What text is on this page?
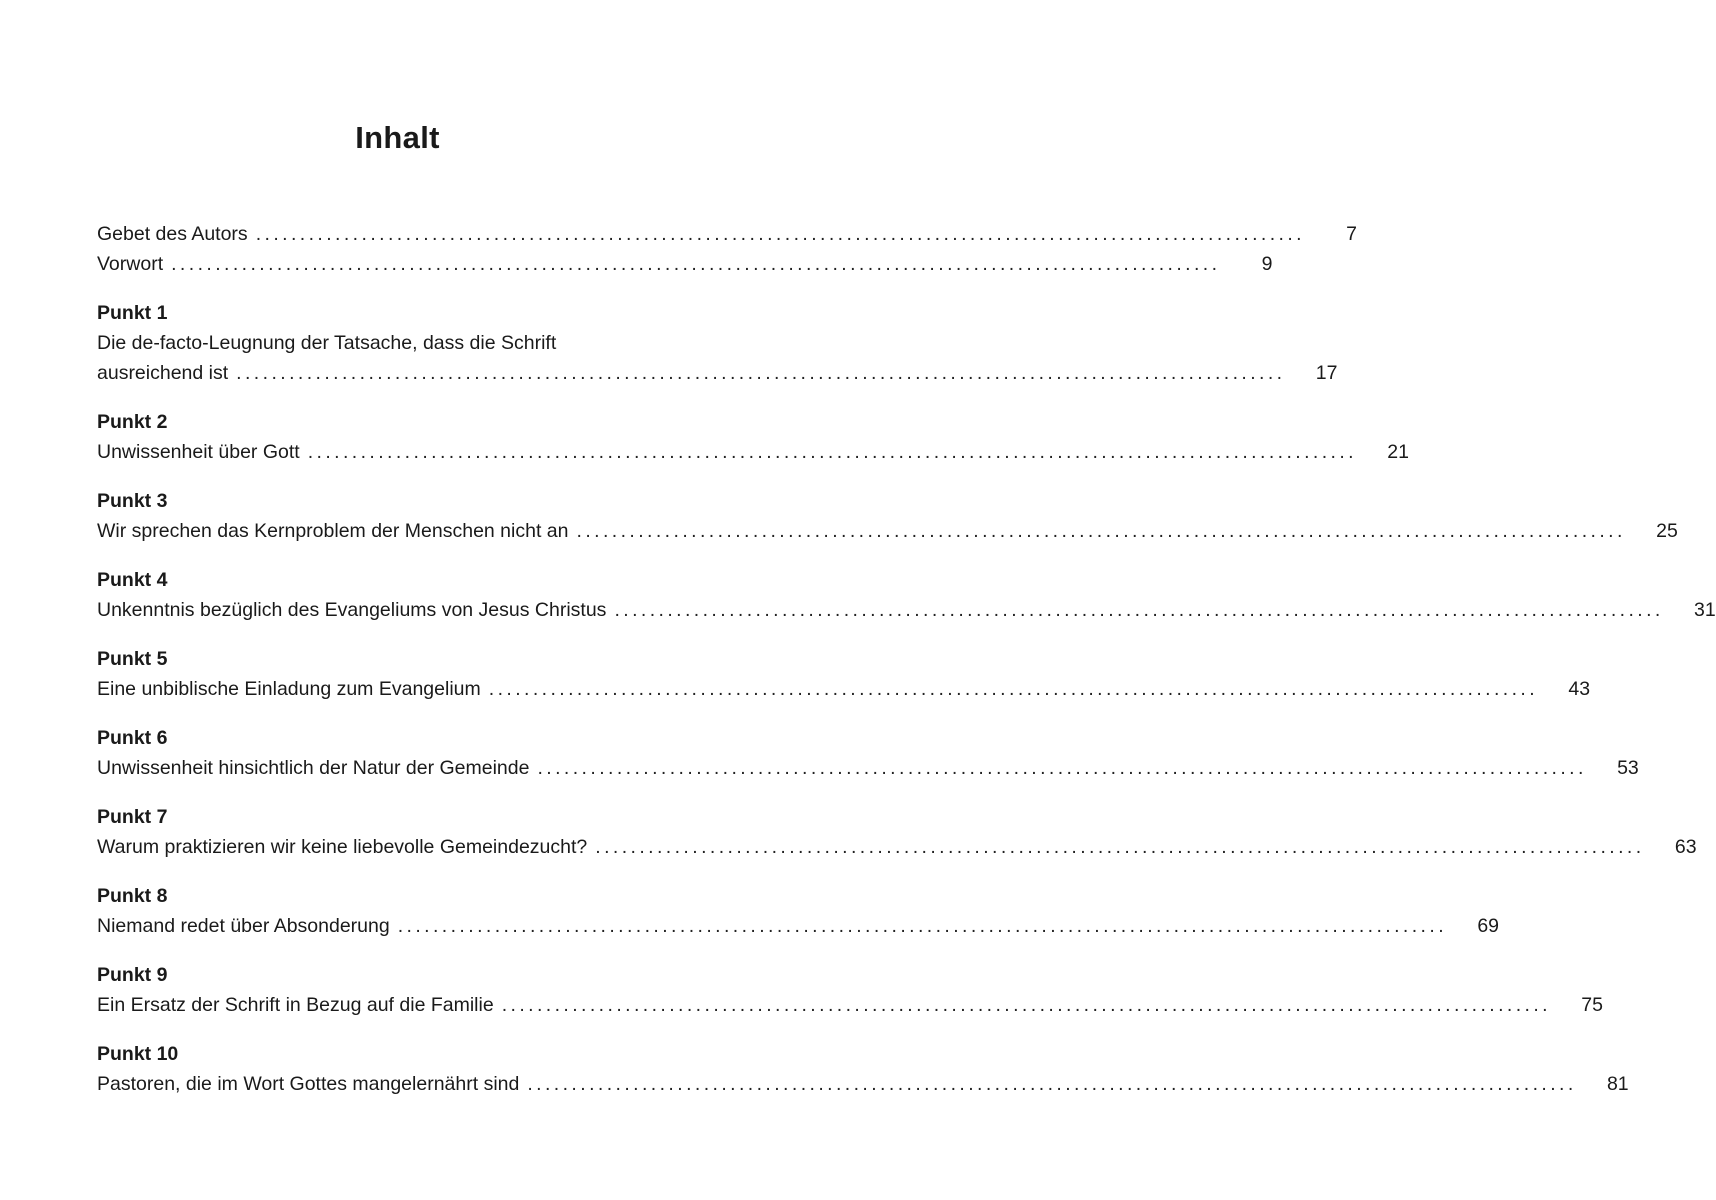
Inhalt
Gebet des Autors .......................................................................................................................	7
Vorwort .......................................................................................................................	9
Punkt 1
Die de-facto-Leugnung der Tatsache, dass die Schrift
ausreichend ist .......................................................................................................................	17
Punkt 2
Unwissenheit über Gott .......................................................................................................................	21
Punkt 3
Wir sprechen das Kernproblem der Menschen nicht an .......................................................................................................................	25
Punkt 4
Unkenntnis bezüglich des Evangeliums von Jesus Christus .......................................................................................................................	31
Punkt 5
Eine unbiblische Einladung zum Evangelium .......................................................................................................................	43
Punkt 6
Unwissenheit hinsichtlich der Natur der Gemeinde .......................................................................................................................	53
Punkt 7
Warum praktizieren wir keine liebevolle Gemeindezucht? .......................................................................................................................	63
Punkt 8
Niemand redet über Absonderung .......................................................................................................................	69
Punkt 9
Ein Ersatz der Schrift in Bezug auf die Familie .......................................................................................................................	75
Punkt 10
Pastoren, die im Wort Gottes mangelernährt sind .......................................................................................................................	81
